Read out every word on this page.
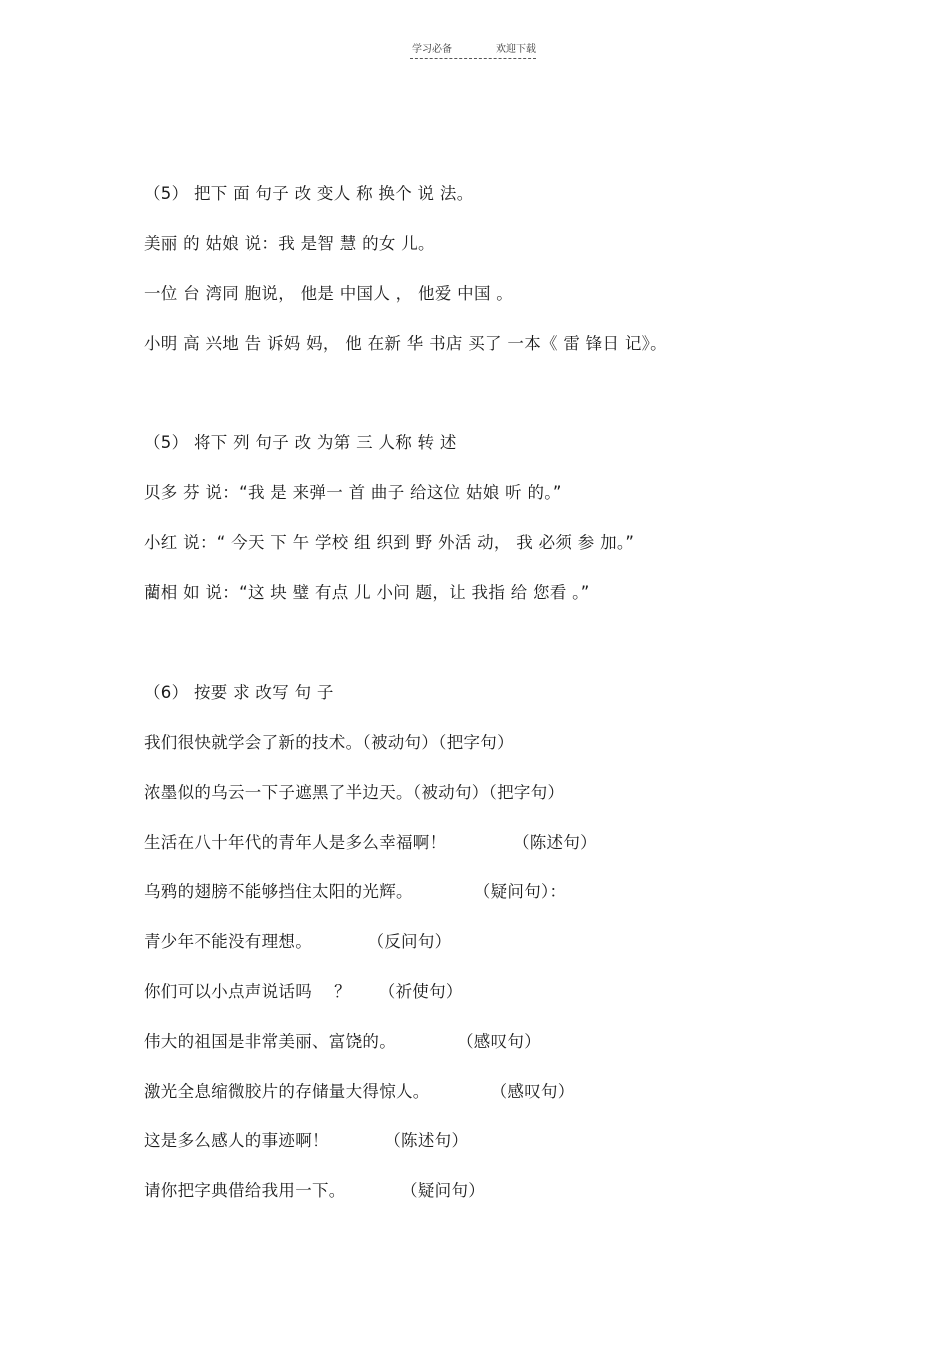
学习必备	欢迎下载
（5） 把下 面 句子 改 变人 称 换个 说 法。
美丽 的 姑娘 说：我 是智 慧 的女 儿。
一位 台 湾同 胞说， 他是 中国人 ， 他爱 中国 。
小明 高 兴地 告 诉妈 妈， 他 在新 华 书店 买了 一本《 雷 锋日 记》。
（5） 将下 列 句子 改 为第 三 人称 转 述
贝多 芬 说：“我 是 来弹一 首 曲子 给这位 姑娘 听 的。”
小红 说：“ 今天 下 午 学校 组 织到 野 外活 动， 我 必须 参 加。”
藺相 如 说：“这 块 璧 有点 儿 小问 题，让 我指 给 您看 。”
（6） 按要 求 改写 句 子
我们很快就学会了新的技术。（被动句）（把字句）
浓墨似的乌云一下子遮黑了半边天。（被动句）（把字句）
生活在八十年代的青年人是多么幸福啊！            （陈述句）
乌鸦的翅膀不能够挡住太阳的光辉。           （疑问句）：
青少年不能没有理想。          （反问句）
你们可以小点声说话吗    ？     （祈使句）
伟大的祖国是非常美丽、富饶的。           （感叹句）
激光全息缩微胶片的存储量大得惊人。           （感叹句）
这是多么感人的事迹啊！          （陈述句）
请你把字典借给我用一下。          （疑问句）
